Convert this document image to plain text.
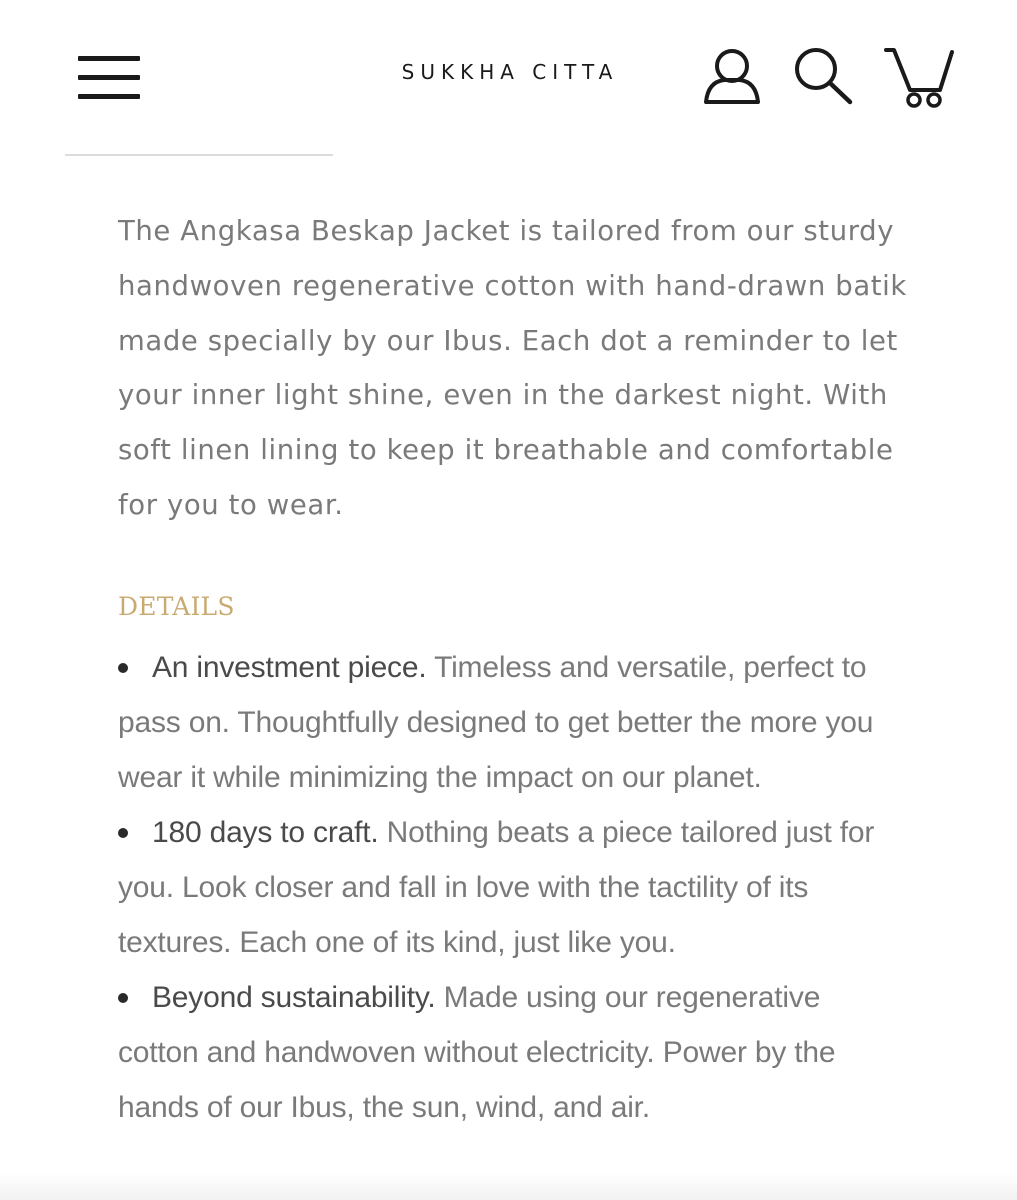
SUKKHA CITTA

The Angkasa Beskap Jacket is tailored from our sturdy handwoven regenerative cotton with hand-drawn batik made specially by our Ibus. Each dot a reminder to let your inner light shine, even in the darkest night. With soft linen lining to keep it breathable and comfortable for you to wear.

DETAILS
An investment piece. Timeless and versatile, perfect to pass on. Thoughtfully designed to get better the more you wear it while minimizing the impact on our planet.
180 days to craft. Nothing beats a piece tailored just for you. Look closer and fall in love with the tactility of its textures. Each one of its kind, just like you.
Beyond sustainability. Made using our regenerative cotton and handwoven without electricity. Power by the hands of our Ibus, the sun, wind, and air.
